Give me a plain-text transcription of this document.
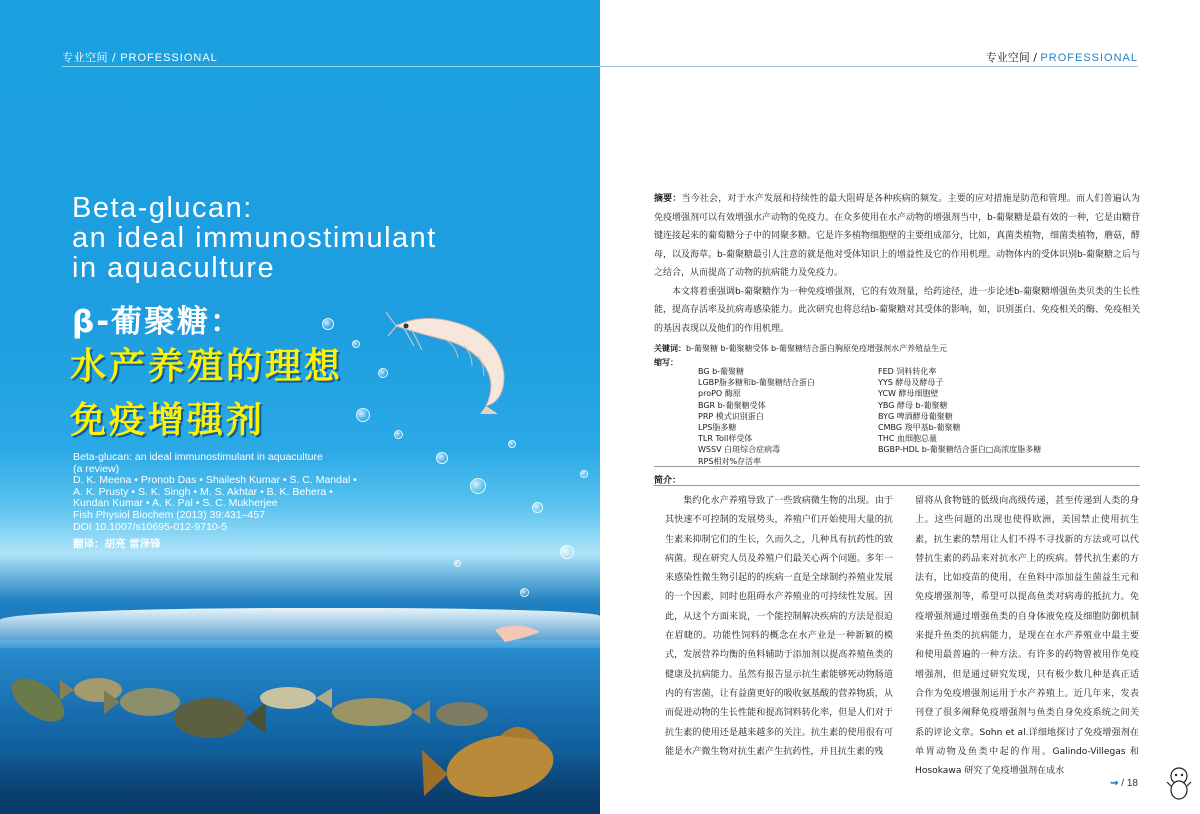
专业空间 / PROFESSIONAL
Beta-glucan:
an ideal immunostimulant
in aquaculture
β-葡聚糖：
水产养殖的理想
免疫增强剂
Beta-glucan: an ideal immunostimulant in aquaculture
(a review)
D. K. Meena • Pronob Das • Shailesh Kumar • S. C. Mandal •
A. K. Prusty • S. K. Singh • M. S. Akhtar • B. K. Behera •
Kundan Kumar • A. K. Pal • S. C. Mukherjee
Fish Physiol Biochem (2013) 39:431–457
DOI 10.1007/s10695-012-9710-5
翻译：胡亮 雷泽锋
专业空间 / PROFESSIONAL

摘要：当今社会，对于水产发展和持续性的最大阻碍是各种疾病的频发。主要的应对措施是防范和管理。而人们普遍认为免疫增强剂可以有效增强水产动物的免疫力。在众多使用在水产动物的增强剂当中，b-葡聚糖是最有效的一种，它是由糖苷键连接起来的葡萄糖分子中的同聚多糖。它是许多植物细胞壁的主要组成部分，比如，真菌类植物，细菌类植物，蘑菇，酵母，以及海草。b-葡聚糖最引人注意的就是他对受体知识上的增益性及它的作用机理。动物体内的受体识别b-葡聚糖之后与之结合，从而提高了动物的抗病能力及免疫力。

本文将着重强调b-葡聚糖作为一种免疫增强剂，它的有效剂量，给药途径，进一步论述b-葡聚糖增强鱼类贝类的生长性能，提高存活率及抗病毒感染能力。此次研究也将总结b-葡聚糖对其受体的影响，如，识别蛋白、免疫相关的酶、免疫相关的基因表现以及他们的作用机理。

关键词：b-葡聚糖 b-葡聚糖受体 b-葡聚糖结合蛋白胸原免疫增强剂水产养殖益生元
缩写：
BG b-葡聚糖
LGBP脂多糖和b-葡聚糖结合蛋白
proPO 酶原
BGR b-葡聚糖受体
PRP 模式识别蛋白
LPS脂多糖
TLR Toll样受体
WSSV 白斑综合症病毒
RPS相对%存活率
FED 饲料转化率
YYS 酵母及酵母子
YCW 酵母细胞壁
YBG 酵母 b-葡聚糖
BYG 啤酒酵母葡聚糖
CMBG 羧甲基b-葡聚糖
THC 血细胞总量
BGBP-HDL b-葡聚糖结合蛋白□高浓度脂多糖
简介：
集约化水产养殖导致了一些致病微生物的出现。由于其快速不可控制的发展势头，养殖户们开始使用大量的抗生素来抑制它们的生长，久而久之，几种具有抗药性的致病菌。现在研究人员及养殖户们最关心两个问题。多年一来感染性微生物引起的的疾病一直是全球制约养殖业发展的一个因素，同时也阻碍水产养殖业的可持续性发展。因此，从这个方面来说，一个能控制解决疾病的方法是很迫在眉睫的。功能性饲料的概念在水产业是一种新颖的模式，发展营养均衡的鱼料辅助于添加剂以提高养殖鱼类的健康及抗病能力。虽然有报告显示抗生素能够死动物肠道内的有害菌，让有益菌更好的吸收氨基酸的营养物质，从而促进动物的生长性能和提高饲料转化率，但是人们对于抗生素的使用还是越来越多的关注。抗生素的使用很有可能是水产微生物对抗生素产生抗药性，并且抗生素的残
留将从食物链的低级向高级传递，甚至传递到人类的身上。这些问题的出现也使得欧洲，美国禁止使用抗生素，抗生素的禁用让人们不得不寻找新的方法或可以代替抗生素的药品来对抗水产上的疾病。替代抗生素的方法有，比如疫苗的使用，在鱼料中添加益生菌益生元和免疫增强剂等，希望可以提高鱼类对病毒的抵抗力。免疫增强剂通过增强鱼类的自身体液免疫及细胞防御机制来提升鱼类的抗病能力，是现在在水产养殖业中最主要和使用最普遍的一种方法。有许多的药物曾被用作免疫增强剂，但是通过研究发现，只有极少数几种是真正适合作为免疫增强剂运用于水产养殖上。近几年来，发表刊登了很多阐释免疫增强剂与鱼类自身免疫系统之间关系的评论文章。Sohn et al.详细地探讨了免疫增强剂在单胃动物及鱼类中起的作用。Galindo-Villegas 和Hosokawa 研究了免疫增强剂在成水
⇝ / 18
